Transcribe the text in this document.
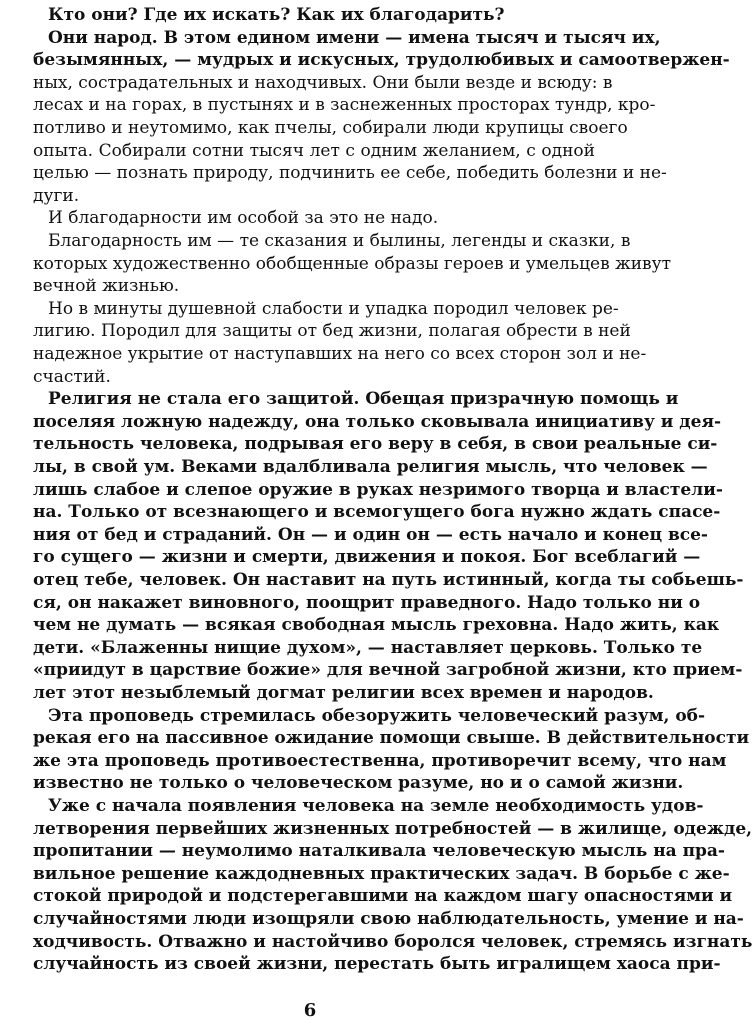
Кто они? Где их искать? Как их благодарить?
Они народ. В этом едином имени — имена тысяч и тысяч их,
безымянных, — мудрых и искусных, трудолюбивых и самоотвержен-
ных, сострадательных и находчивых. Они были везде и всюду: в
лесах и на горах, в пустынях и в заснеженных просторах тундр, кро-
потливо и неутомимо, как пчелы, собирали люди крупицы своего
опыта. Собирали сотни тысяч лет с одним желанием, с одной
целью — познать природу, подчинить ее себе, победить болезни и не-
дуги.
И благодарности им особой за это не надо.
Благодарность им — те сказания и былины, легенды и сказки, в
которых художественно обобщенные образы героев и умельцев живут
вечной жизнью.
Но в минуты душевной слабости и упадка породил человек ре-
лигию. Породил для защиты от бед жизни, полагая обрести в ней
надежное укрытие от наступавших на него со всех сторон зол и не-
счастий.
Религия не стала его защитой. Обещая призрачную помощь и
поселяя ложную надежду, она только сковывала инициативу и дея-
тельность человека, подрывая его веру в себя, в свои реальные си-
лы, в свой ум. Веками вдалбливала религия мысль, что человек —
лишь слабое и слепое оружие в руках незримого творца и властели-
на. Только от всезнающего и всемогущего бога нужно ждать спасе-
ния от бед и страданий. Он — и один он — есть начало и конец все-
го сущего — жизни и смерти, движения и покоя. Бог всеблагий —
отец тебе, человек. Он наставит на путь истинный, когда ты собьешь-
ся, он накажет виновного, поощрит праведного. Надо только ни о
чем не думать — всякая свободная мысль греховна. Надо жить, как
дети. «Блаженны нищие духом», — наставляет церковь. Только те
«приидут в царствие божие» для вечной загробной жизни, кто прием-
лет этот незыблемый догмат религии всех времен и народов.
Эта проповедь стремилась обезоружить человеческий разум, об-
рекая его на пассивное ожидание помощи свыше. В действительности
же эта проповедь противоестественна, противоречит всему, что нам
известно не только о человеческом разуме, но и о самой жизни.
Уже с начала появления человека на земле необходимость удов-
летворения первейших жизненных потребностей — в жилище, одежде,
пропитании — неумолимо наталкивала человеческую мысль на пра-
вильное решение каждодневных практических задач. В борьбе с же-
стокой природой и подстерегавшими на каждом шагу опасностями и
случайностями люди изощряли свою наблюдательность, умение и на-
ходчивость. Отважно и настойчиво боролся человек, стремясь изгнать
случайность из своей жизни, перестать быть игралищем хаоса при-
6
